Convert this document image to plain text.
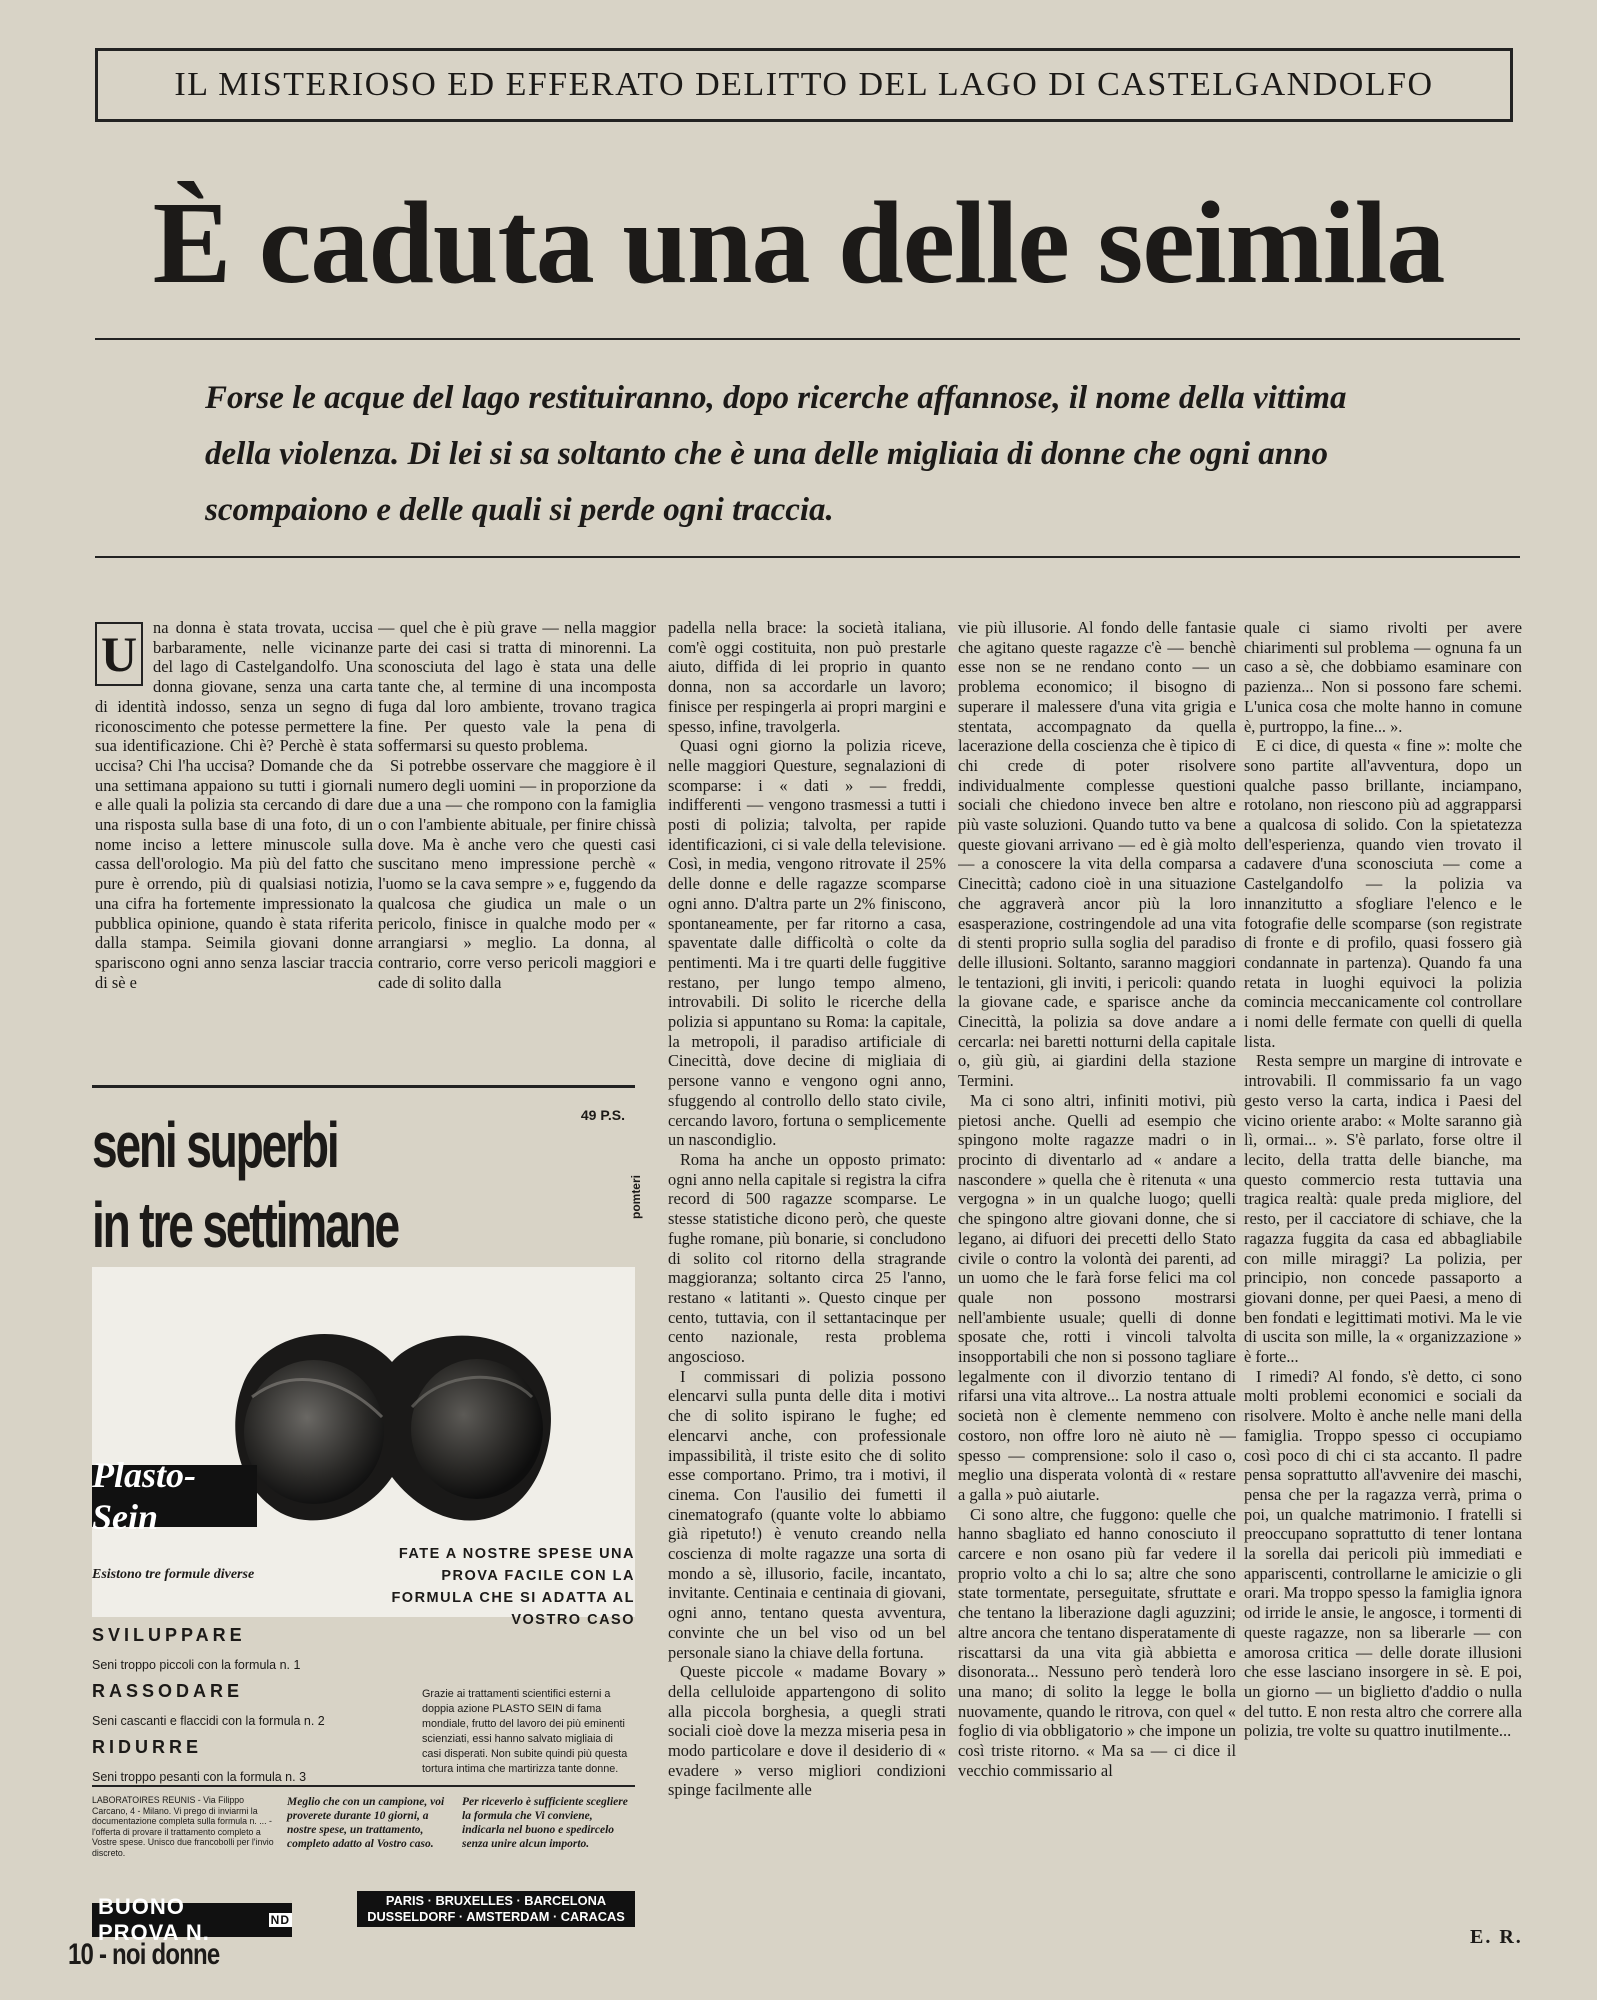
IL MISTERIOSO ED EFFERATO DELITTO DEL LAGO DI CASTELGANDOLFO
È caduta una delle seimila
Forse le acque del lago restituiranno, dopo ricerche affannose, il nome della vittima della violenza. Di lei si sa soltanto che è una delle migliaia di donne che ogni anno scompaiono e delle quali si perde ogni traccia.
U na donna è stata trovata, uccisa barbaramente, nelle vicinanze del lago di Castelgandolfo. Una donna giovane, senza una carta di identità indosso, senza un segno di riconoscimento che potesse permettere la sua identificazione. Chi è? Perchè è stata uccisa? Chi l'ha uccisa? Domande che da una settimana appaiono su tutti i giornali e alle quali la polizia sta cercando di dare una risposta sulla base di una foto, di un nome inciso a lettere minuscole sulla cassa dell'orologio. Ma più del fatto che pure è orrendo, più di qualsiasi notizia, una cifra ha fortemente impressionato la pubblica opinione, quando è stata riferita dalla stampa. Seimila giovani donne spariscono ogni anno senza lasciar traccia di sè e

— quel che è più grave — nella maggior parte dei casi si tratta di minorenni. La sconosciuta del lago è stata una delle tante che, al termine di una incomposta fuga dal loro ambiente, trovano tragica fine. Per questo vale la pena di soffermarsi su questo problema.

Si potrebbe osservare che maggiore è il numero degli uomini — in proporzione da due a una — che rompono con la famiglia o con l'ambiente abituale, per finire chissà dove. Ma è anche vero che questi casi suscitano meno impressione perchè « l'uomo se la cava sempre » e, fuggendo da qualcosa che giudica un male o un pericolo, finisce in qualche modo per « arrangiarsi » meglio. La donna, al contrario, corre verso pericoli maggiori e cade di solito dalla

padella nella brace: la società italiana, com'è oggi costituita, non può prestarle aiuto, diffida di lei proprio in quanto donna, non sa accordarle un lavoro; finisce per respingerla ai propri margini e spesso, infine, travolgerla.

Quasi ogni giorno la polizia riceve, nelle maggiori Questure, segnalazioni di scomparse: i « dati » — freddi, indifferenti — vengono trasmessi a tutti i posti di polizia; talvolta, per rapide identificazioni, ci si vale della televisione. Così, in media, vengono ritrovate il 25% delle donne e delle ragazze scomparse ogni anno. D'altra parte un 2% finiscono, spontaneamente, per far ritorno a casa, spaventate dalle difficoltà o colte da pentimenti. Ma i tre quarti delle fuggitive restano, per lungo tempo almeno, introvabili. Di solito le ricerche della polizia si appuntano su Roma: la capitale, la metropoli, il paradiso artificiale di Cinecittà, dove decine di migliaia di persone vanno e vengono ogni anno, sfuggendo al controllo dello stato civile, cercando lavoro, fortuna o semplicemente un nascondiglio.

Roma ha anche un opposto primato: ogni anno nella capitale si registra la cifra record di 500 ragazze scomparse. Le stesse statistiche dicono però, che queste fughe romane, più bonarie, si concludono di solito col ritorno della stragrande maggioranza; soltanto circa 25 l'anno, restano « latitanti ». Questo cinque per cento, tuttavia, con il settantacinque per cento nazionale, resta problema angoscioso.

I commissari di polizia possono elencarvi sulla punta delle dita i motivi che di solito ispirano le fughe; ed elencarvi anche, con professionale impassibilità, il triste esito che di solito esse comportano. Primo, tra i motivi, il cinema. Con l'ausilio dei fumetti il cinematografo (quante volte lo abbiamo già ripetuto!) è venuto creando nella coscienza di molte ragazze una sorta di mondo a sè, illusorio, facile, incantato, invitante. Centinaia e centinaia di giovani, ogni anno, tentano questa avventura, convinte che un bel viso od un bel personale siano la chiave della fortuna.

Queste piccole « madame Bovary » della celluloide appartengono di solito alla piccola borghesia, a quegli strati sociali cioè dove la mezza miseria pesa in modo particolare e dove il desiderio di « evadere » verso migliori condizioni spinge facilmente alle

vie più illusorie. Al fondo delle fantasie che agitano queste ragazze c'è — benchè esse non se ne rendano conto — un problema economico; il bisogno di superare il malessere d'una vita grigia e stentata, accompagnato da quella lacerazione della coscienza che è tipico di chi crede di poter risolvere individualmente complesse questioni sociali che chiedono invece ben altre e più vaste soluzioni. Quando tutto va bene queste giovani arrivano — ed è già molto — a conoscere la vita della comparsa a Cinecittà; cadono cioè in una situazione che aggraverà ancor più la loro esasperazione, costringendole ad una vita di stenti proprio sulla soglia del paradiso delle illusioni. Soltanto, saranno maggiori le tentazioni, gli inviti, i pericoli: quando la giovane cade, e sparisce anche da Cinecittà, la polizia sa dove andare a cercarla: nei baretti notturni della capitale o, giù giù, ai giardini della stazione Termini.

Ma ci sono altri, infiniti motivi, più pietosi anche. Quelli ad esempio che spingono molte ragazze madri o in procinto di diventarlo ad « andare a nascondere » quella che è ritenuta « una vergogna » in un qualche luogo; quelli che spingono altre giovani donne, che si legano, ai difuori dei precetti dello Stato civile o contro la volontà dei parenti, ad un uomo che le farà forse felici ma col quale non possono mostrarsi nell'ambiente usuale; quelli di donne sposate che, rotti i vincoli talvolta insopportabili che non si possono tagliare legalmente con il divorzio tentano di rifarsi una vita altrove... La nostra attuale società non è clemente nemmeno con costoro, non offre loro nè aiuto nè — spesso — comprensione: solo il caso o, meglio una disperata volontà di « restare a galla » può aiutarle.

Ci sono altre, che fuggono: quelle che hanno sbagliato ed hanno conosciuto il carcere e non osano più far vedere il proprio volto a chi lo sa; altre che sono state tormentate, perseguitate, sfruttate e che tentano la liberazione dagli aguzzini; altre ancora che tentano disperatamente di riscattarsi da una vita già abbietta e disonorata... Nessuno però tenderà loro una mano; di solito la legge le bolla nuovamente, quando le ritrova, con quel « foglio di via obbligatorio » che impone un così triste ritorno. « Ma sa — ci dice il vecchio commissario al

quale ci siamo rivolti per avere chiarimenti sul problema — ognuna fa un caso a sè, che dobbiamo esaminare con pazienza... Non si possono fare schemi. L'unica cosa che molte hanno in comune è, purtroppo, la fine... ».

E ci dice, di questa « fine »: molte che sono partite all'avventura, dopo un qualche passo brillante, inciampano, rotolano, non riescono più ad aggrapparsi a qualcosa di solido. Con la spietatezza dell'esperienza, quando vien trovato il cadavere d'una sconosciuta — come a Castelgandolfo — la polizia va innanzitutto a sfogliare l'elenco e le fotografie delle scomparse (son registrate di fronte e di profilo, quasi fossero già condannate in partenza). Quando fa una retata in luoghi equivoci la polizia comincia meccanicamente col controllare i nomi delle fermate con quelli di quella lista.

Resta sempre un margine di introvate e introvabili. Il commissario fa un vago gesto verso la carta, indica i Paesi del vicino oriente arabo: « Molte saranno già lì, ormai... ». S'è parlato, forse oltre il lecito, della tratta delle bianche, ma questo commercio resta tuttavia una tragica realtà: quale preda migliore, del resto, per il cacciatore di schiave, che la ragazza fuggita da casa ed abbagliabile con mille miraggi? La polizia, per principio, non concede passaporto a giovani donne, per quei Paesi, a meno di ben fondati e legittimati motivi. Ma le vie di uscita son mille, la « organizzazione » è forte...

I rimedi? Al fondo, s'è detto, ci sono molti problemi economici e sociali da risolvere. Molto è anche nelle mani della famiglia. Troppo spesso ci occupiamo così poco di chi ci sta accanto. Il padre pensa soprattutto all'avvenire dei maschi, pensa che per la ragazza verrà, prima o poi, un qualche matrimonio. I fratelli si preoccupano soprattutto di tener lontana la sorella dai pericoli più immediati e appariscenti, controllarne le amicizie o gli orari. Ma troppo spesso la famiglia ignora od irride le ansie, le angosce, i tormenti di queste ragazze, non sa liberarle — con amorosa critica — delle dorate illusioni che esse lasciano insorgere in sè. E poi, un giorno — un biglietto d'addio o nulla del tutto. E non resta altro che correre alla polizia, tre volte su quattro inutilmente...

E. R.
49 P.S.
pomteri
seni superbi
in tre settimane
Plasto-Sein
FATE A NOSTRE SPESE UNA PROVA FACILE CON LA FORMULA CHE SI ADATTA AL VOSTRO CASO
Esistono tre formule diverse
SVILUPPARE
Seni troppo piccoli con la formula n. 1
RASSODARE
Seni cascanti e flaccidi con la formula n. 2
RIDURRE
Seni troppo pesanti con la formula n. 3
Grazie ai trattamenti scientifici esterni a doppia azione PLASTO SEIN di fama mondiale, frutto del lavoro dei più eminenti scienziati, essi hanno salvato migliaia di casi disperati. Non subite quindi più questa tortura intima che martirizza tante donne.
LABORATOIRES REUNIS - Via Filippo Carcano, 4 - Milano. Vi prego di inviarmi la documentazione completa sulla formula n. ... - l'offerta di provare il trattamento completo a Vostre spese. Unisco due francobolli per l'invio discreto.
Meglio che con un campione, voi proverete durante 10 giorni, a nostre spese, un trattamento, completo adatto al Vostro caso.
Per riceverlo è sufficiente scegliere la formula che Vi conviene, indicarla nel buono e spedircelo senza unire alcun importo.
BUONO PROVA N.	ND
PARIS · BRUXELLES · BARCELONA
DUSSELDORF · AMSTERDAM · CARACAS
10 - noi donne
